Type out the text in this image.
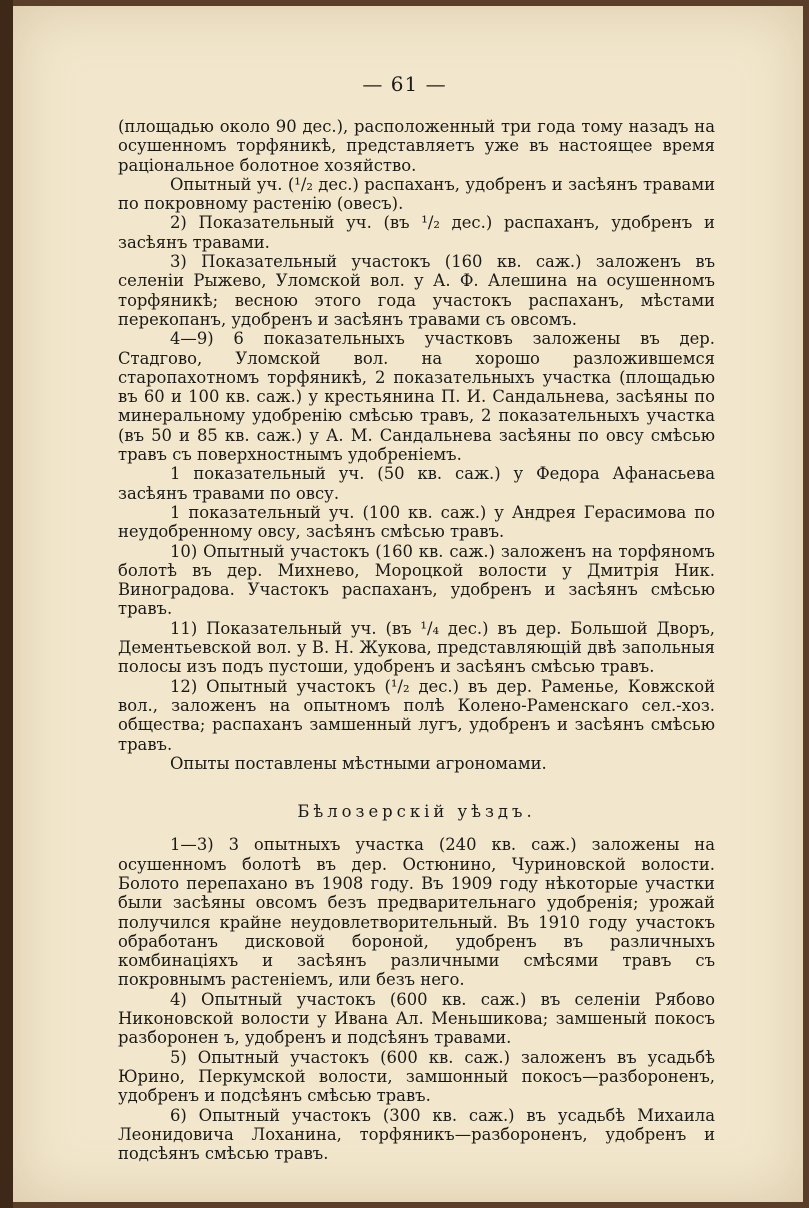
— 61 —

(площадью около 90 дес.), расположенный три года тому назадъ на осушенномъ торфяникѣ, представляетъ уже въ настоящее время раціональное болотное хозяйство.

Опытный уч. (¹/₂ дес.) распаханъ, удобренъ и засѣянъ травами по покровному растенію (овесъ).

2) Показательный уч. (въ ¹/₂ дес.) распаханъ, удобренъ и засѣянъ травами.

3) Показательный участокъ (160 кв. саж.) заложенъ въ селеніи Рыжево, Уломской вол. у А. Ф. Алешина на осушенномъ торфяникѣ; весною этого года участокъ распаханъ, мѣстами перекопанъ, удобренъ и засѣянъ травами съ овсомъ.

4—9) 6 показательныхъ участковъ заложены въ дер. Стадгово, Уломской вол. на хорошо разложившемся старопахотномъ торфяникѣ, 2 показательныхъ участка (площадью въ 60 и 100 кв. саж.) у крестьянина П. И. Сандальнева, засѣяны по минеральному удобренію смѣсью травъ, 2 показательныхъ участка (въ 50 и 85 кв. саж.) у А. М. Сандальнева засѣяны по овсу смѣсью травъ съ поверхностнымъ удобреніемъ.

1 показательный уч. (50 кв. саж.) у Федора Афанасьева засѣянъ травами по овсу.

1 показательный уч. (100 кв. саж.) у Андрея Герасимова по неудобренному овсу, засѣянъ смѣсью травъ.

10) Опытный участокъ (160 кв. саж.) заложенъ на торфяномъ болотѣ въ дер. Михнево, Мороцкой волости у Дмитрія Ник. Виноградова. Участокъ распаханъ, удобренъ и засѣянъ смѣсью травъ.

11) Показательный уч. (въ ¹/₄ дес.) въ дер. Большой Дворъ, Дементьевской вол. у В. Н. Жукова, представляющій двѣ запольныя полосы изъ подъ пустоши, удобренъ и засѣянъ смѣсью травъ.

12) Опытный участокъ (¹/₂ дес.) въ дер. Раменье, Ковжской вол., заложенъ на опытномъ полѣ Колено-Раменскаго сел.-хоз. общества; распаханъ замшенный лугъ, удобренъ и засѣянъ смѣсью травъ.

Опыты поставлены мѣстными агрономами.

Бѣлозерскій уѣздъ.

1—3) 3 опытныхъ участка (240 кв. саж.) заложены на осушенномъ болотѣ въ дер. Остюнино, Чуриновской волости. Болото перепахано въ 1908 году. Въ 1909 году нѣкоторые участки были засѣяны овсомъ безъ предварительнаго удобренія; урожай получился крайне неудовлетворительный. Въ 1910 году участокъ обработанъ дисковой бороной, удобренъ въ различныхъ комбинаціяхъ и засѣянъ различными смѣсями травъ съ покровнымъ растеніемъ, или безъ него.

4) Опытный участокъ (600 кв. саж.) въ селеніи Рябово Никоновской волости у Ивана Ал. Меньшикова; замшеный покосъ разборонен ъ, удобренъ и подсѣянъ травами.

5) Опытный участокъ (600 кв. саж.) заложенъ въ усадьбѣ Юрино, Перкумской волости, замшонный покосъ—разбороненъ, удобренъ и подсѣянъ смѣсью травъ.

6) Опытный участокъ (300 кв. саж.) въ усадьбѣ Михаила Леонидовича Лоханина, торфяникъ—разбороненъ, удобренъ и подсѣянъ смѣсью травъ.
